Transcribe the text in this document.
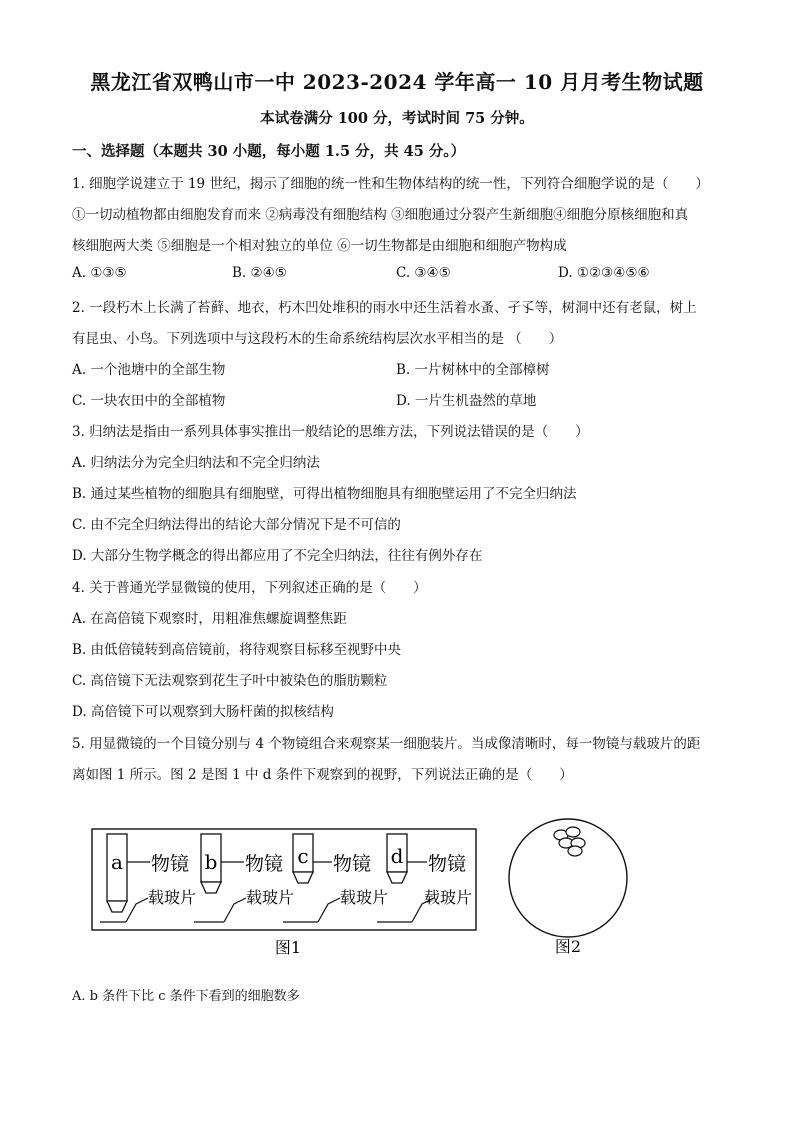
黑龙江省双鸭山市一中 2023-2024 学年高一 10 月月考生物试题
本试卷满分 100 分，考试时间 75 分钟。
一、选择题（本题共 30 小题，每小题 1.5 分，共 45 分。）
1. 细胞学说建立于 19 世纪，揭示了细胞的统一性和生物体结构的统一性，下列符合细胞学说的是（　　）
①一切动植物都由细胞发育而来 ②病毒没有细胞结构 ③细胞通过分裂产生新细胞④细胞分原核细胞和真
核细胞两大类 ⑤细胞是一个相对独立的单位 ⑥一切生物都是由细胞和细胞产物构成
A. ①③⑤	B. ②④⑤	C. ③④⑤	D. ①②③④⑤⑥
2. 一段朽木上长满了苔藓、地衣，朽木凹处堆积的雨水中还生活着水蚤、孑孓等，树洞中还有老鼠，树上
有昆虫、小鸟。下列选项中与这段朽木的生命系统结构层次水平相当的是 （　　）
A. 一个池塘中的全部生物	B. 一片树林中的全部樟树
C. 一块农田中的全部植物	D. 一片生机盎然的草地
3. 归纳法是指由一系列具体事实推出一般结论的思维方法，下列说法错误的是（　　）
A. 归纳法分为完全归纳法和不完全归纳法
B. 通过某些植物的细胞具有细胞壁，可得出植物细胞具有细胞壁运用了不完全归纳法
C. 由不完全归纳法得出的结论大部分情况下是不可信的
D. 大部分生物学概念的得出都应用了不完全归纳法，往往有例外存在
4. 关于普通光学显微镜的使用，下列叙述正确的是（　　）
A. 在高倍镜下观察时，用粗准焦螺旋调整焦距
B. 由低倍镜转到高倍镜前，将待观察目标移至视野中央
C. 高倍镜下无法观察到花生子叶中被染色的脂肪颗粒
D. 高倍镜下可以观察到大肠杆菌的拟核结构
5. 用显微镜的一个目镜分别与 4 个物镜组合来观察某一细胞装片。当成像清晰时，每一物镜与载玻片的距
离如图 1 所示。图 2 是图 1 中 d 条件下观察到的视野，下列说法正确的是（　　）
a 物镜
载玻片
b 物镜
载玻片
c 物镜
载玻片
d 物镜
载玻片
图1	图2
A. b 条件下比 c 条件下看到的细胞数多
